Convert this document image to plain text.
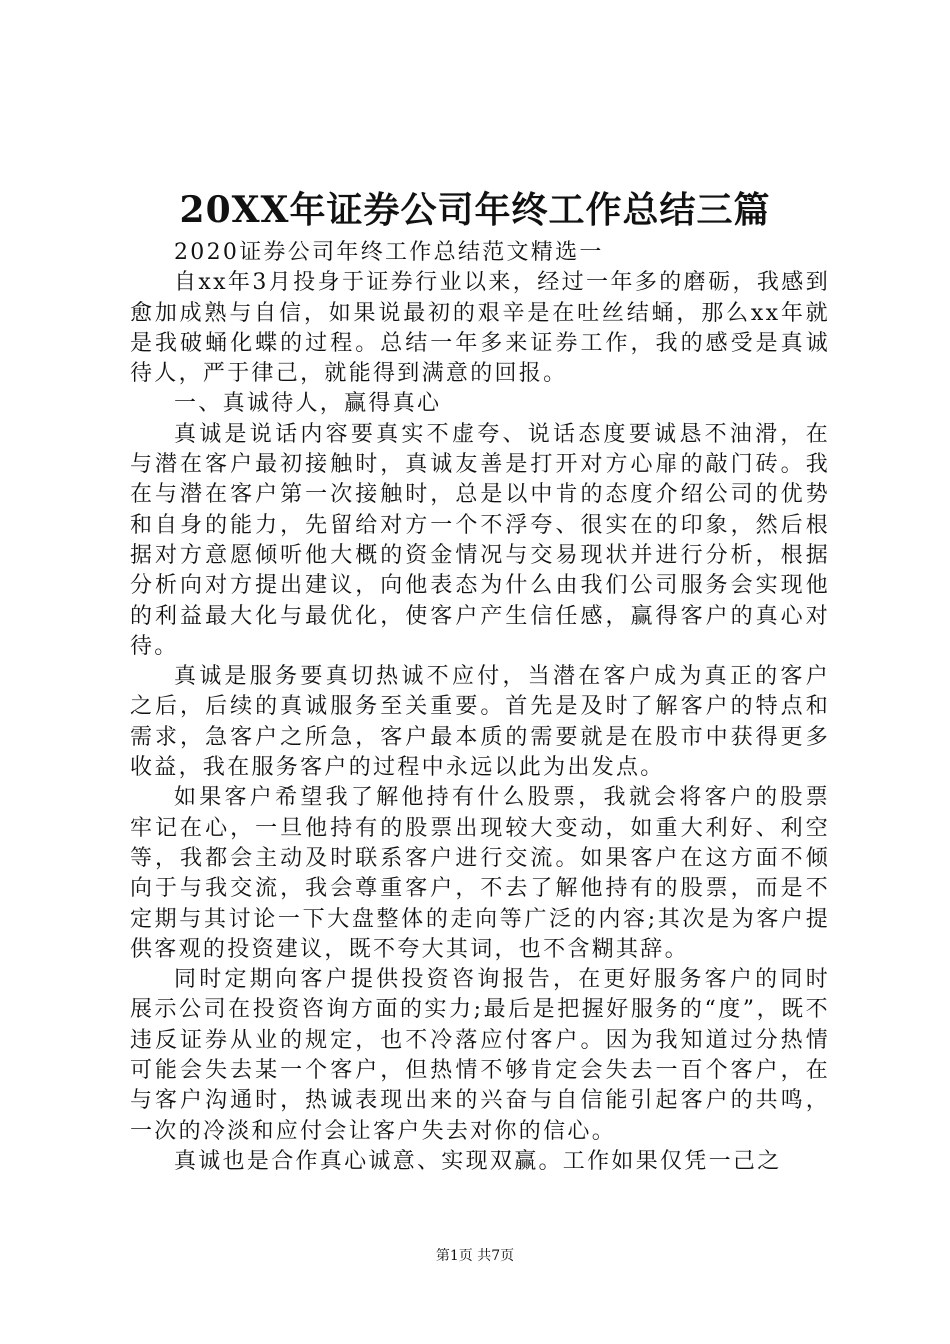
20XX年证券公司年终工作总结三篇

2020证券公司年终工作总结范文精选一

自xx年3月投身于证券行业以来，经过一年多的磨砺，我感到愈加成熟与自信，如果说最初的艰辛是在吐丝结蛹，那么xx年就是我破蛹化蝶的过程。总结一年多来证券工作，我的感受是真诚待人，严于律己，就能得到满意的回报。

一、真诚待人，赢得真心

真诚是说话内容要真实不虚夸、说话态度要诚恳不油滑，在与潜在客户最初接触时，真诚友善是打开对方心扉的敲门砖。我在与潜在客户第一次接触时，总是以中肯的态度介绍公司的优势和自身的能力，先留给对方一个不浮夸、很实在的印象，然后根据对方意愿倾听他大概的资金情况与交易现状并进行分析，根据分析向对方提出建议，向他表态为什么由我们公司服务会实现他的利益最大化与最优化，使客户产生信任感，赢得客户的真心对待。

真诚是服务要真切热诚不应付，当潜在客户成为真正的客户之后，后续的真诚服务至关重要。首先是及时了解客户的特点和需求，急客户之所急，客户最本质的需要就是在股市中获得更多收益，我在服务客户的过程中永远以此为出发点。

如果客户希望我了解他持有什么股票，我就会将客户的股票牢记在心，一旦他持有的股票出现较大变动，如重大利好、利空等，我都会主动及时联系客户进行交流。如果客户在这方面不倾向于与我交流，我会尊重客户，不去了解他持有的股票，而是不定期与其讨论一下大盘整体的走向等广泛的内容;其次是为客户提供客观的投资建议，既不夸大其词，也不含糊其辞。

同时定期向客户提供投资咨询报告，在更好服务客户的同时展示公司在投资咨询方面的实力;最后是把握好服务的“度”，既不违反证券从业的规定，也不冷落应付客户。因为我知道过分热情可能会失去某一个客户，但热情不够肯定会失去一百个客户，在与客户沟通时，热诚表现出来的兴奋与自信能引起客户的共鸣，一次的冷淡和应付会让客户失去对你的信心。

真诚也是合作真心诚意、实现双赢。工作如果仅凭一己之

第1页 共7页
